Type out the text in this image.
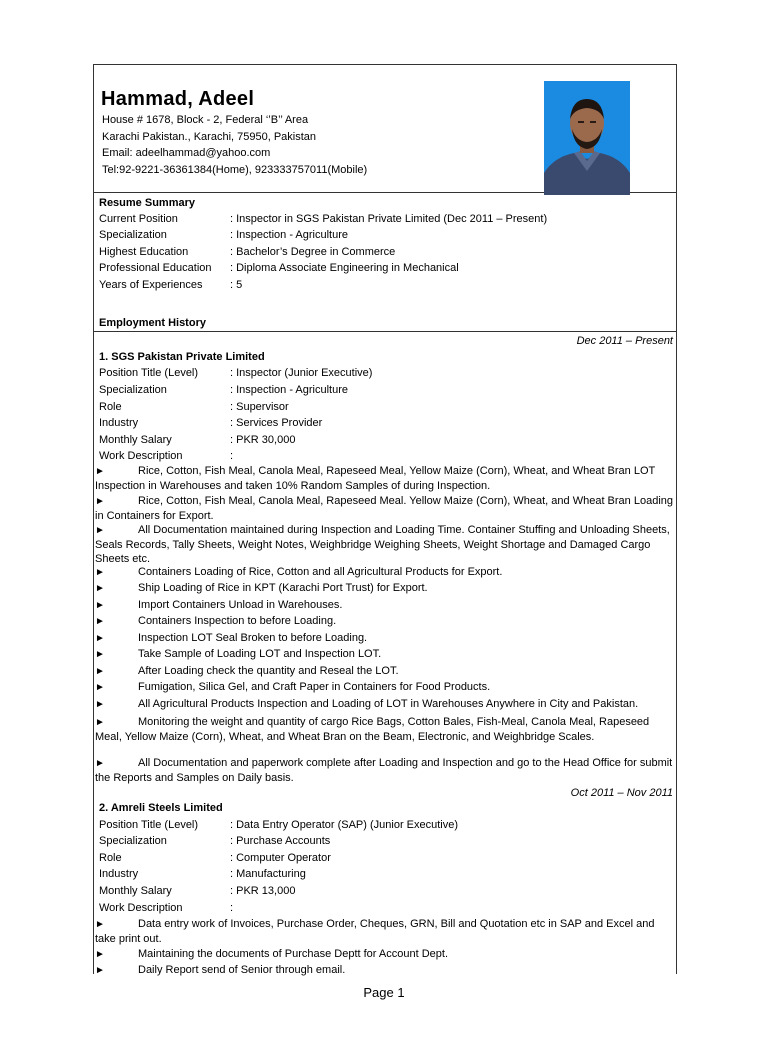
Hammad, Adeel
House # 1678, Block - 2, Federal ‘’B’’ Area
Karachi Pakistan., Karachi, 75950, Pakistan
Email: adeelhammad@yahoo.com
Tel:92-9221-36361384(Home), 923333757011(Mobile)
Resume Summary
Current Position	: Inspector in SGS Pakistan Private Limited (Dec 2011 – Present)
Specialization	: Inspection - Agriculture
Highest Education	: Bachelor’s Degree in Commerce
Professional Education : Diploma Associate Engineering in Mechanical
Years of Experiences : 5
Employment History
Dec 2011 – Present
1. SGS Pakistan Private Limited
Position Title (Level)	: Inspector (Junior Executive)
Specialization	: Inspection - Agriculture
Role	: Supervisor
Industry	: Services Provider
Monthly Salary	: PKR 30,000
Work Description	:
►	Rice, Cotton, Fish Meal, Canola Meal, Rapeseed Meal, Yellow Maize (Corn), Wheat, and Wheat Bran LOT Inspection in Warehouses and taken 10% Random Samples of during Inspection.
►	Rice, Cotton, Fish Meal, Canola Meal, Rapeseed Meal. Yellow Maize (Corn), Wheat, and Wheat Bran Loading in Containers for Export.
►	All Documentation maintained during Inspection and Loading Time. Container Stuffing and Unloading Sheets, Seals Records, Tally Sheets, Weight Notes, Weighbridge Weighing Sheets, Weight Shortage and Damaged Cargo Sheets etc.
►	Containers Loading of Rice, Cotton and all Agricultural Products for Export.
►	Ship Loading of Rice in KPT (Karachi Port Trust) for Export.
►	Import Containers Unload in Warehouses.
►	Containers Inspection to before Loading.
►	Inspection LOT Seal Broken to before Loading.
►	Take Sample of Loading LOT and Inspection LOT.
►	After Loading check the quantity and Reseal the LOT.
►	Fumigation, Silica Gel, and Craft Paper in Containers for Food Products.
►	All Agricultural Products Inspection and Loading of LOT in Warehouses Anywhere in City and Pakistan.
►	Monitoring the weight and quantity of cargo Rice Bags, Cotton Bales, Fish-Meal, Canola Meal, Rapeseed Meal, Yellow Maize (Corn), Wheat, and Wheat Bran on the Beam, Electronic, and Weighbridge Scales.
►	All Documentation and paperwork complete after Loading and Inspection and go to the Head Office for submit the Reports and Samples on Daily basis.
Oct 2011 – Nov 2011
2. Amreli Steels Limited
Position Title (Level)	: Data Entry Operator (SAP) (Junior Executive)
Specialization	: Purchase Accounts
Role	: Computer Operator
Industry	: Manufacturing
Monthly Salary	: PKR 13,000
Work Description	:
►	Data entry work of Invoices, Purchase Order, Cheques, GRN, Bill and Quotation etc in SAP and Excel and take print out.
►	Maintaining the documents of Purchase Deptt for Account Dept.
►	Daily Report send of Senior through email.
Page 1
